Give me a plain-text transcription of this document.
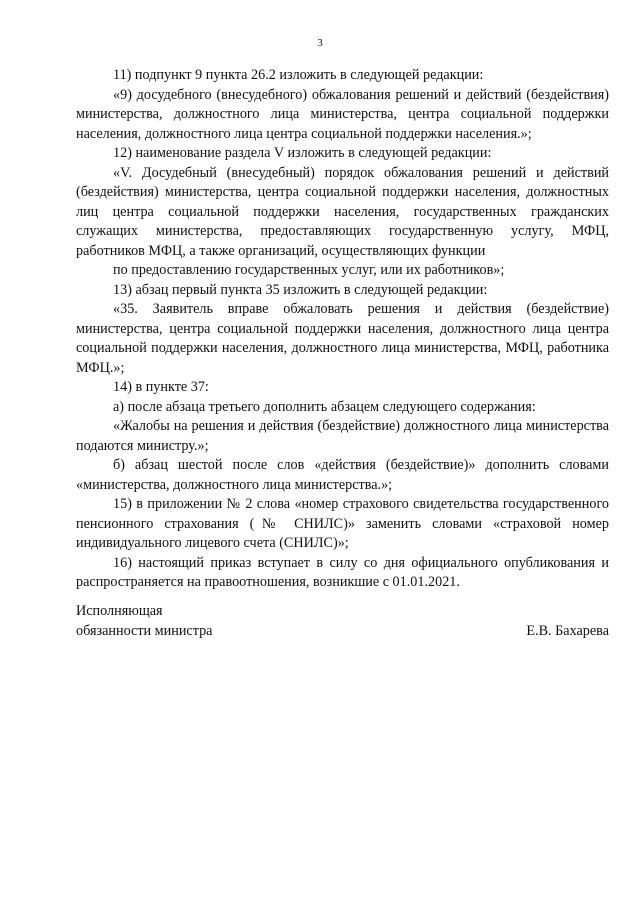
3

11) подпункт 9 пункта 26.2 изложить в следующей редакции:

«9) досудебного (внесудебного) обжалования решений и действий (бездействия) министерства, должностного лица министерства, центра социальной поддержки населения, должностного лица центра социальной поддержки населения.»;

12) наименование раздела V изложить в следующей редакции:

«V. Досудебный (внесудебный) порядок обжалования решений и действий (бездействия) министерства, центра социальной поддержки населения, должностных лиц центра социальной поддержки населения, государственных гражданских служащих министерства, предоставляющих государственную услугу, МФЦ, работников МФЦ, а также организаций, осуществляющих функции

по предоставлению государственных услуг, или их работников»;

13) абзац первый пункта 35 изложить в следующей редакции:

«35. Заявитель вправе обжаловать решения и действия (бездействие) министерства, центра социальной поддержки населения, должностного лица центра социальной поддержки населения, должностного лица министерства, МФЦ, работника МФЦ.»;

14) в пункте 37:

а) после абзаца третьего дополнить абзацем следующего содержания:

«Жалобы на решения и действия (бездействие) должностного лица министерства подаются министру.»;

б) абзац шестой после слов «действия (бездействие)» дополнить словами «министерства, должностного лица министерства.»;

15) в приложении № 2 слова «номер страхового свидетельства государственного пенсионного страхования (№ СНИЛС)» заменить словами «страховой номер индивидуального лицевого счета (СНИЛС)»;

16) настоящий приказ вступает в силу со дня официального опубликования и распространяется на правоотношения, возникшие с 01.01.2021.

Исполняющая
обязанности министра	Е.В. Бахарева
